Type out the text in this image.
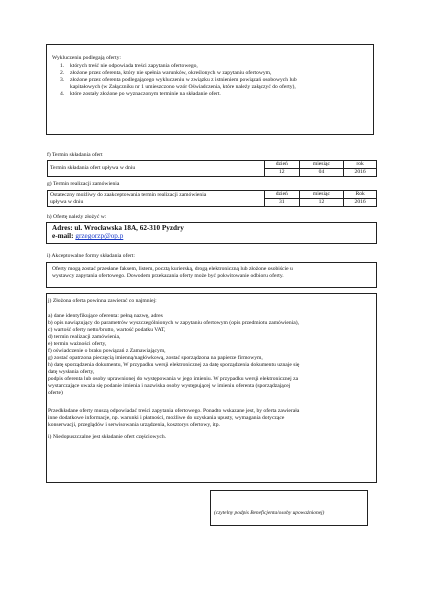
Wykluczeniu podlegają oferty:
1. których treść nie odpowiada treści zapytania ofertowego,
2. złożone przez oferenta, który nie spełnia warunków, określonych w zapytaniu ofertowym,
3. złożone przez oferenta podlegającego wykluczeniu w związku z istnieniem powiązań osobowych lub
kapitałowych (w Załączniku nr 1 umieszczono wzór Oświadczenia, które należy załączyć do oferty),
4. które zostały złożone po wyznaczonym terminie na składanie ofert.
f) Termin składania ofert
Termin składania ofert upływa w dniu	dzień	miesiąc	rok
	12	04	2016
g) Termin realizacji zamówienia
Ostateczny możliwy do zaakceptowania termin realizacji zamówienia
upływa w dniu	dzień	miesiąc	Rok
	31	12	2016
h) Ofertę należy złożyć w:
Adres: ul. Wrocławska 18A, 62-310 Pyzdry
e-mail: grzegorzp@op.p
i) Akceptowalne formy składania ofert:
Oferty mogą zostać przesłane faksem, listem, pocztą kurierską, drogą elektroniczną lub złożone osobiście u
wystawcy zapytania ofertowego. Dowodem przekazania oferty może być pokwitowanie odbioru oferty.
j) Złożona oferta powinna zawierać co najmniej:
a) dane identyfikujące oferenta: pełną nazwę, adres
b) opis nawiązujący do parametrów wyszczególnionych w zapytaniu ofertowym (opis przedmiotu zamówienia),
c) wartość oferty netto/brutto, wartość podatku VAT,
d) termin realizacji zamówienia,
e) termin ważności oferty,
f) oświadczenie o braku powiązań z Zamawiającym,
g) zostać opatrzona pieczęcią imienną/nagłówkową, zostać sporządzona na papierze firmowym,
h) datę sporządzenia dokumentu, W przypadku wersji elektronicznej za datę sporządzenia dokumentu uznaje się
datę wysłania oferty,
podpis oferenta lub osoby uprawnionej do występowania w jego imieniu. W przypadku wersji elektronicznej za
wystarczające uważa się podanie imienia i nazwiska osoby występującej w imieniu oferenta (sporządzającej
oferte)
Przedkładane oferty muszą odpowiadać treści zapytania ofertowego. Ponadto wskazane jest, by oferta zawierała
inne dodatkowe informacje, np. warunki i płatności, możliwe do uzyskania upusty, wymagania dotyczące
konserwacji, przeglądów i serwisowania urządzenia, kosztorys ofertowy, itp.
i) Niedopuszczalne jest składanie ofert częściowych.
(czytelny podpis Beneficjenta/osoby upoważnionej)
